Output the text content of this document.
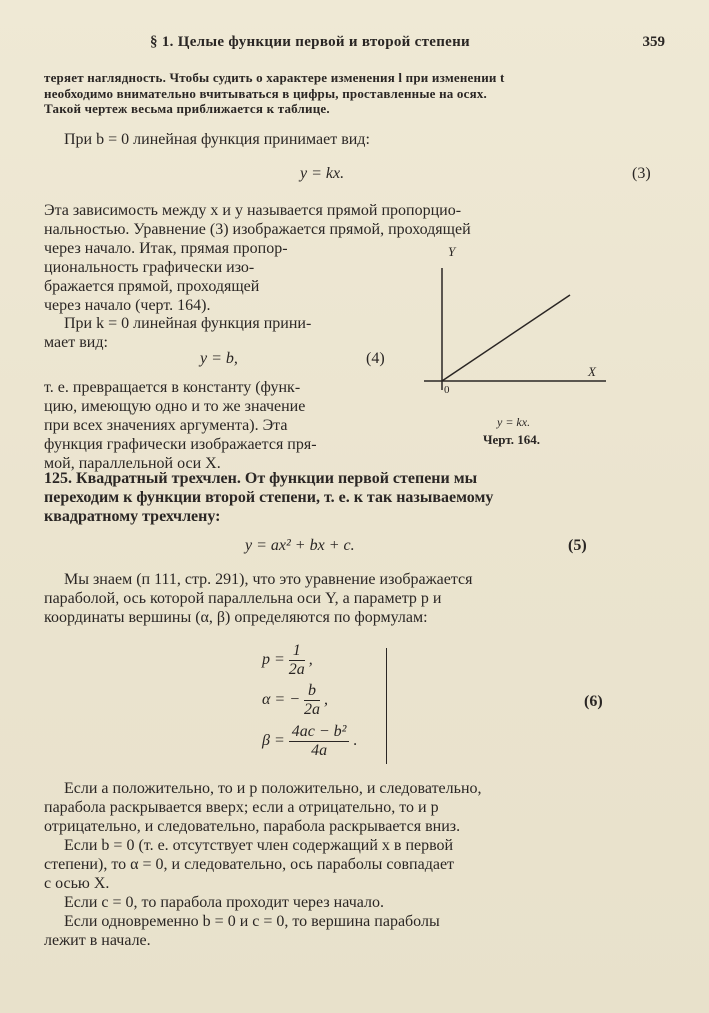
§ 1. Целые функции первой и второй степени	359
теряет наглядность. Чтобы судить о характере изменения l при изменении t
необходимо внимательно вчитываться в цифры, проставленные на осях.
Такой чертеж весьма приближается к таблице.
При b = 0 линейная функция принимает вид:
y = kx.	(3)
Эта зависимость между x и y называется прямой пропорцио-
нальностью. Уравнение (3) изображается прямой, проходящей
через начало. Итак, прямая пропор-
циональность графически изо-
бражается прямой, проходящей
через начало (черт. 164).
При k = 0 линейная функция прини-
мает вид:
y = b,	(4)
т. е. превращается в константу (функ-
цию, имеющую одно и то же значение
при всех значениях аргумента). Эта
функция графически изображается пря-
мой, параллельной оси X.
Y
X
0
y = kx.
Черт. 164.
125. Квадратный трехчлен. От функции первой степени мы
переходим к функции второй степени, т. е. к так называемому
квадратному трехчлену:
y = ax² + bx + c.	(5)
Мы знаем (п 111, стр. 291), что это уравнение изображается
параболой, ось которой параллельна оси Y, а параметр p и
координаты вершины (α, β) определяются по формулам:
$p = \frac{1}{2a}$ ,
α = − $\frac{b}{2a}$ ,
$\beta = \frac{\text{4ac − b²}}{4a}$ .
(6)
Если a положительно, то и p положительно, и следовательно,
парабола раскрывается вверх; если a отрицательно, то и p
отрицательно, и следовательно, парабола раскрывается вниз.
Если b = 0 (т. е. отсутствует член содержащий x в первой
степени), то α = 0, и следовательно, ось параболы совпадает
с осью X.
Если c = 0, то парабола проходит через начало.
Если одновременно b = 0 и c = 0, то вершина параболы
лежит в начале.
